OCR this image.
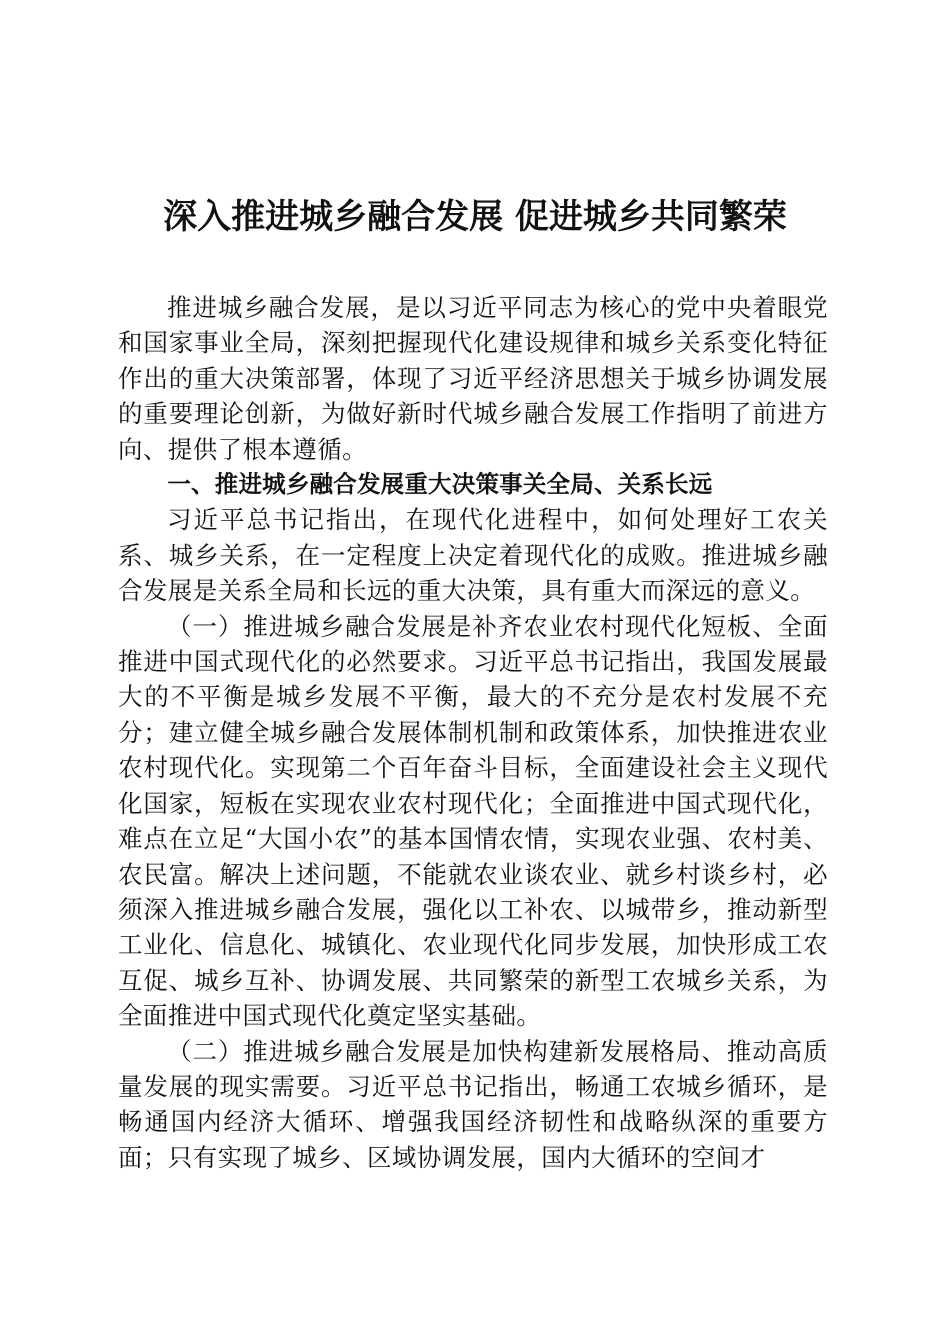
深入推进城乡融合发展 促进城乡共同繁荣

推进城乡融合发展，是以习近平同志为核心的党中央着眼党和国家事业全局，深刻把握现代化建设规律和城乡关系变化特征作出的重大决策部署，体现了习近平经济思想关于城乡协调发展的重要理论创新，为做好新时代城乡融合发展工作指明了前进方向、提供了根本遵循。

一、推进城乡融合发展重大决策事关全局、关系长远

习近平总书记指出，在现代化进程中，如何处理好工农关系、城乡关系，在一定程度上决定着现代化的成败。推进城乡融合发展是关系全局和长远的重大决策，具有重大而深远的意义。

（一）推进城乡融合发展是补齐农业农村现代化短板、全面推进中国式现代化的必然要求。习近平总书记指出，我国发展最大的不平衡是城乡发展不平衡，最大的不充分是农村发展不充分；建立健全城乡融合发展体制机制和政策体系，加快推进农业农村现代化。实现第二个百年奋斗目标，全面建设社会主义现代化国家，短板在实现农业农村现代化；全面推进中国式现代化，难点在立足“大国小农”的基本国情农情，实现农业强、农村美、农民富。解决上述问题，不能就农业谈农业、就乡村谈乡村，必须深入推进城乡融合发展，强化以工补农、以城带乡，推动新型工业化、信息化、城镇化、农业现代化同步发展，加快形成工农互促、城乡互补、协调发展、共同繁荣的新型工农城乡关系，为全面推进中国式现代化奠定坚实基础。

（二）推进城乡融合发展是加快构建新发展格局、推动高质量发展的现实需要。习近平总书记指出，畅通工农城乡循环，是畅通国内经济大循环、增强我国经济韧性和战略纵深的重要方面；只有实现了城乡、区域协调发展，国内大循环的空间才
